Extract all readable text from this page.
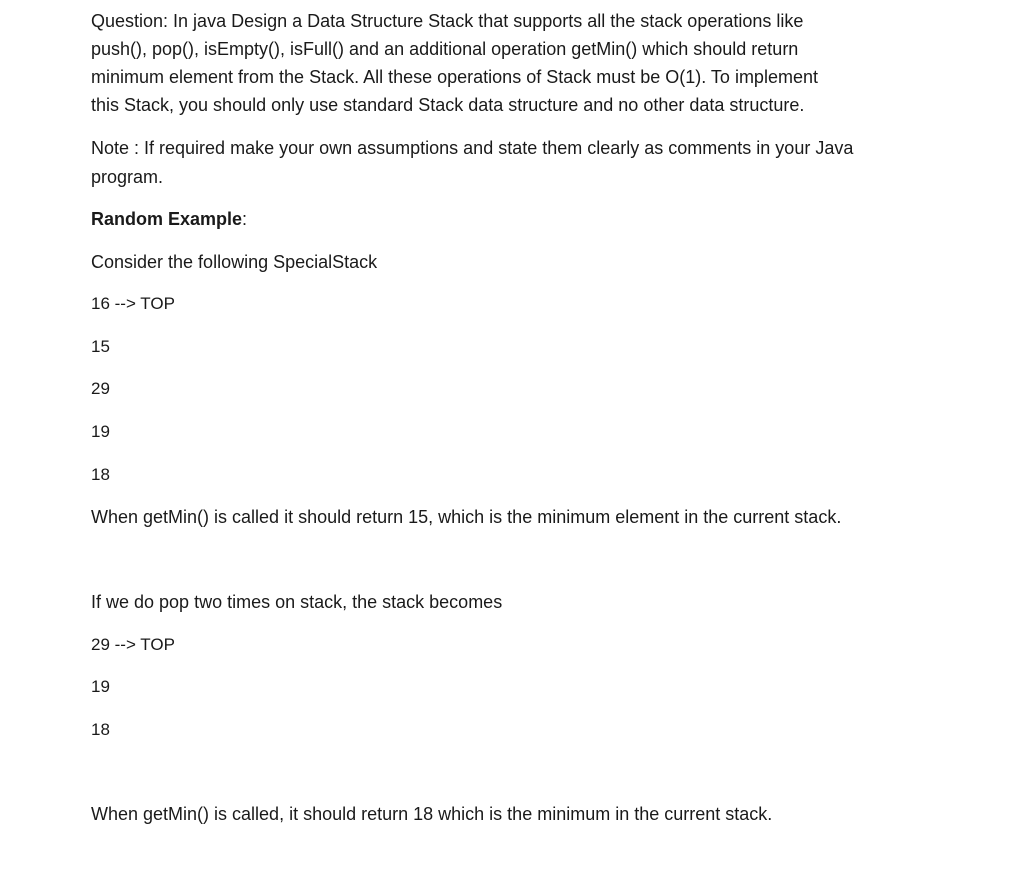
Question: In java Design a Data Structure Stack that supports all the stack operations like

push(), pop(), isEmpty(), isFull() and an additional operation getMin() which should return

minimum element from the Stack. All these operations of Stack must be O(1). To implement

this Stack, you should only use standard Stack data structure and no other data structure.

Note : If required make your own assumptions and state them clearly as comments in your Java

program.

Random Example:

Consider the following SpecialStack

16 --> TOP

15

29

19

18

When getMin() is called it should return 15, which is the minimum element in the current stack.

If we do pop two times on stack, the stack becomes

29 --> TOP

19

18

When getMin() is called, it should return 18 which is the minimum in the current stack.
